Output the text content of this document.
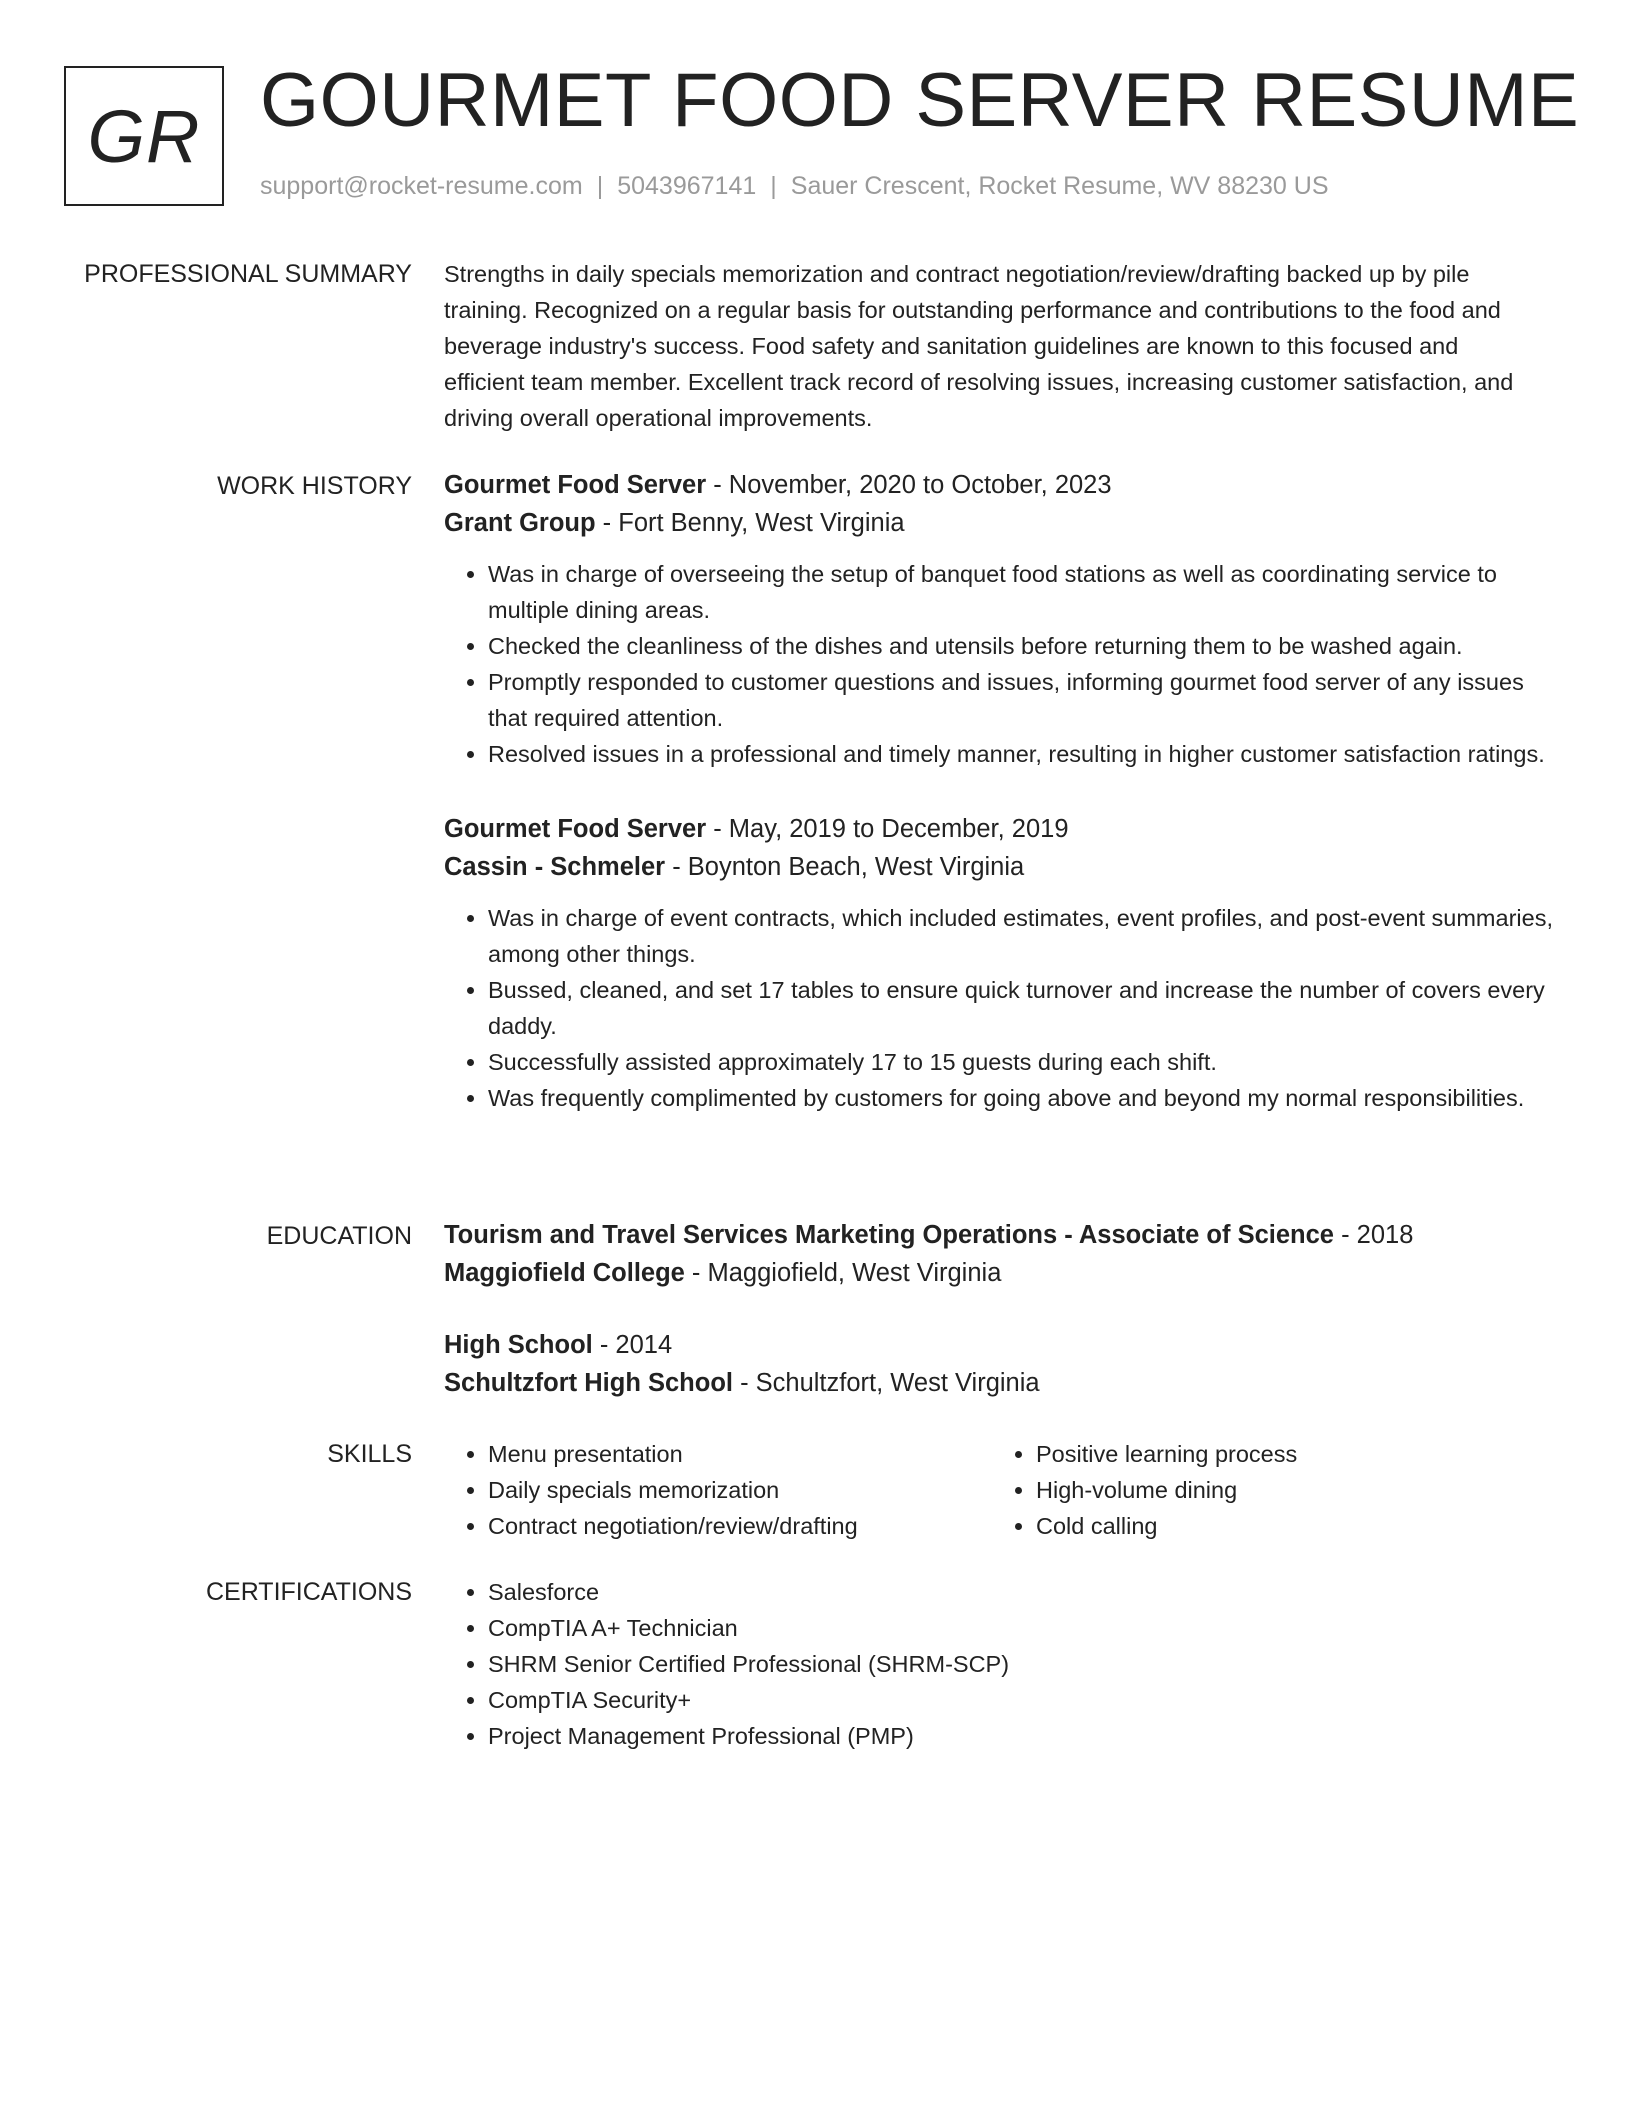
GR GOURMET FOOD SERVER RESUME
support@rocket-resume.com | 5043967141 | Sauer Crescent, Rocket Resume, WV 88230 US
PROFESSIONAL SUMMARY Strengths in daily specials memorization and contract negotiation/review/drafting backed up by pile training. Recognized on a regular basis for outstanding performance and contributions to the food and beverage industry's success. Food safety and sanitation guidelines are known to this focused and efficient team member. Excellent track record of resolving issues, increasing customer satisfaction, and driving overall operational improvements.

WORK HISTORY Gourmet Food Server - November, 2020 to October, 2023
Grant Group - Fort Benny, West Virginia
• Was in charge of overseeing the setup of banquet food stations as well as coordinating service to multiple dining areas.
• Checked the cleanliness of the dishes and utensils before returning them to be washed again.
• Promptly responded to customer questions and issues, informing gourmet food server of any issues that required attention.
• Resolved issues in a professional and timely manner, resulting in higher customer satisfaction ratings.
Gourmet Food Server - May, 2019 to December, 2019
Cassin - Schmeler - Boynton Beach, West Virginia
• Was in charge of event contracts, which included estimates, event profiles, and post-event summaries, among other things.
• Bussed, cleaned, and set 17 tables to ensure quick turnover and increase the number of covers every daddy.
• Successfully assisted approximately 17 to 15 guests during each shift.
• Was frequently complimented by customers for going above and beyond my normal responsibilities.
EDUCATION Tourism and Travel Services Marketing Operations - Associate of Science - 2018
Maggiofield College - Maggiofield, West Virginia
High School - 2014
Schultzfort High School - Schultzfort, West Virginia
SKILLS	• Menu presentation
• Daily specials memorization
• Contract negotiation/review/drafting
• Positive learning process
• High-volume dining
• Cold calling
CERTIFICATIONS	• Salesforce
• CompTIA A+ Technician
• SHRM Senior Certified Professional (SHRM-SCP)
• CompTIA Security+
• Project Management Professional (PMP)
